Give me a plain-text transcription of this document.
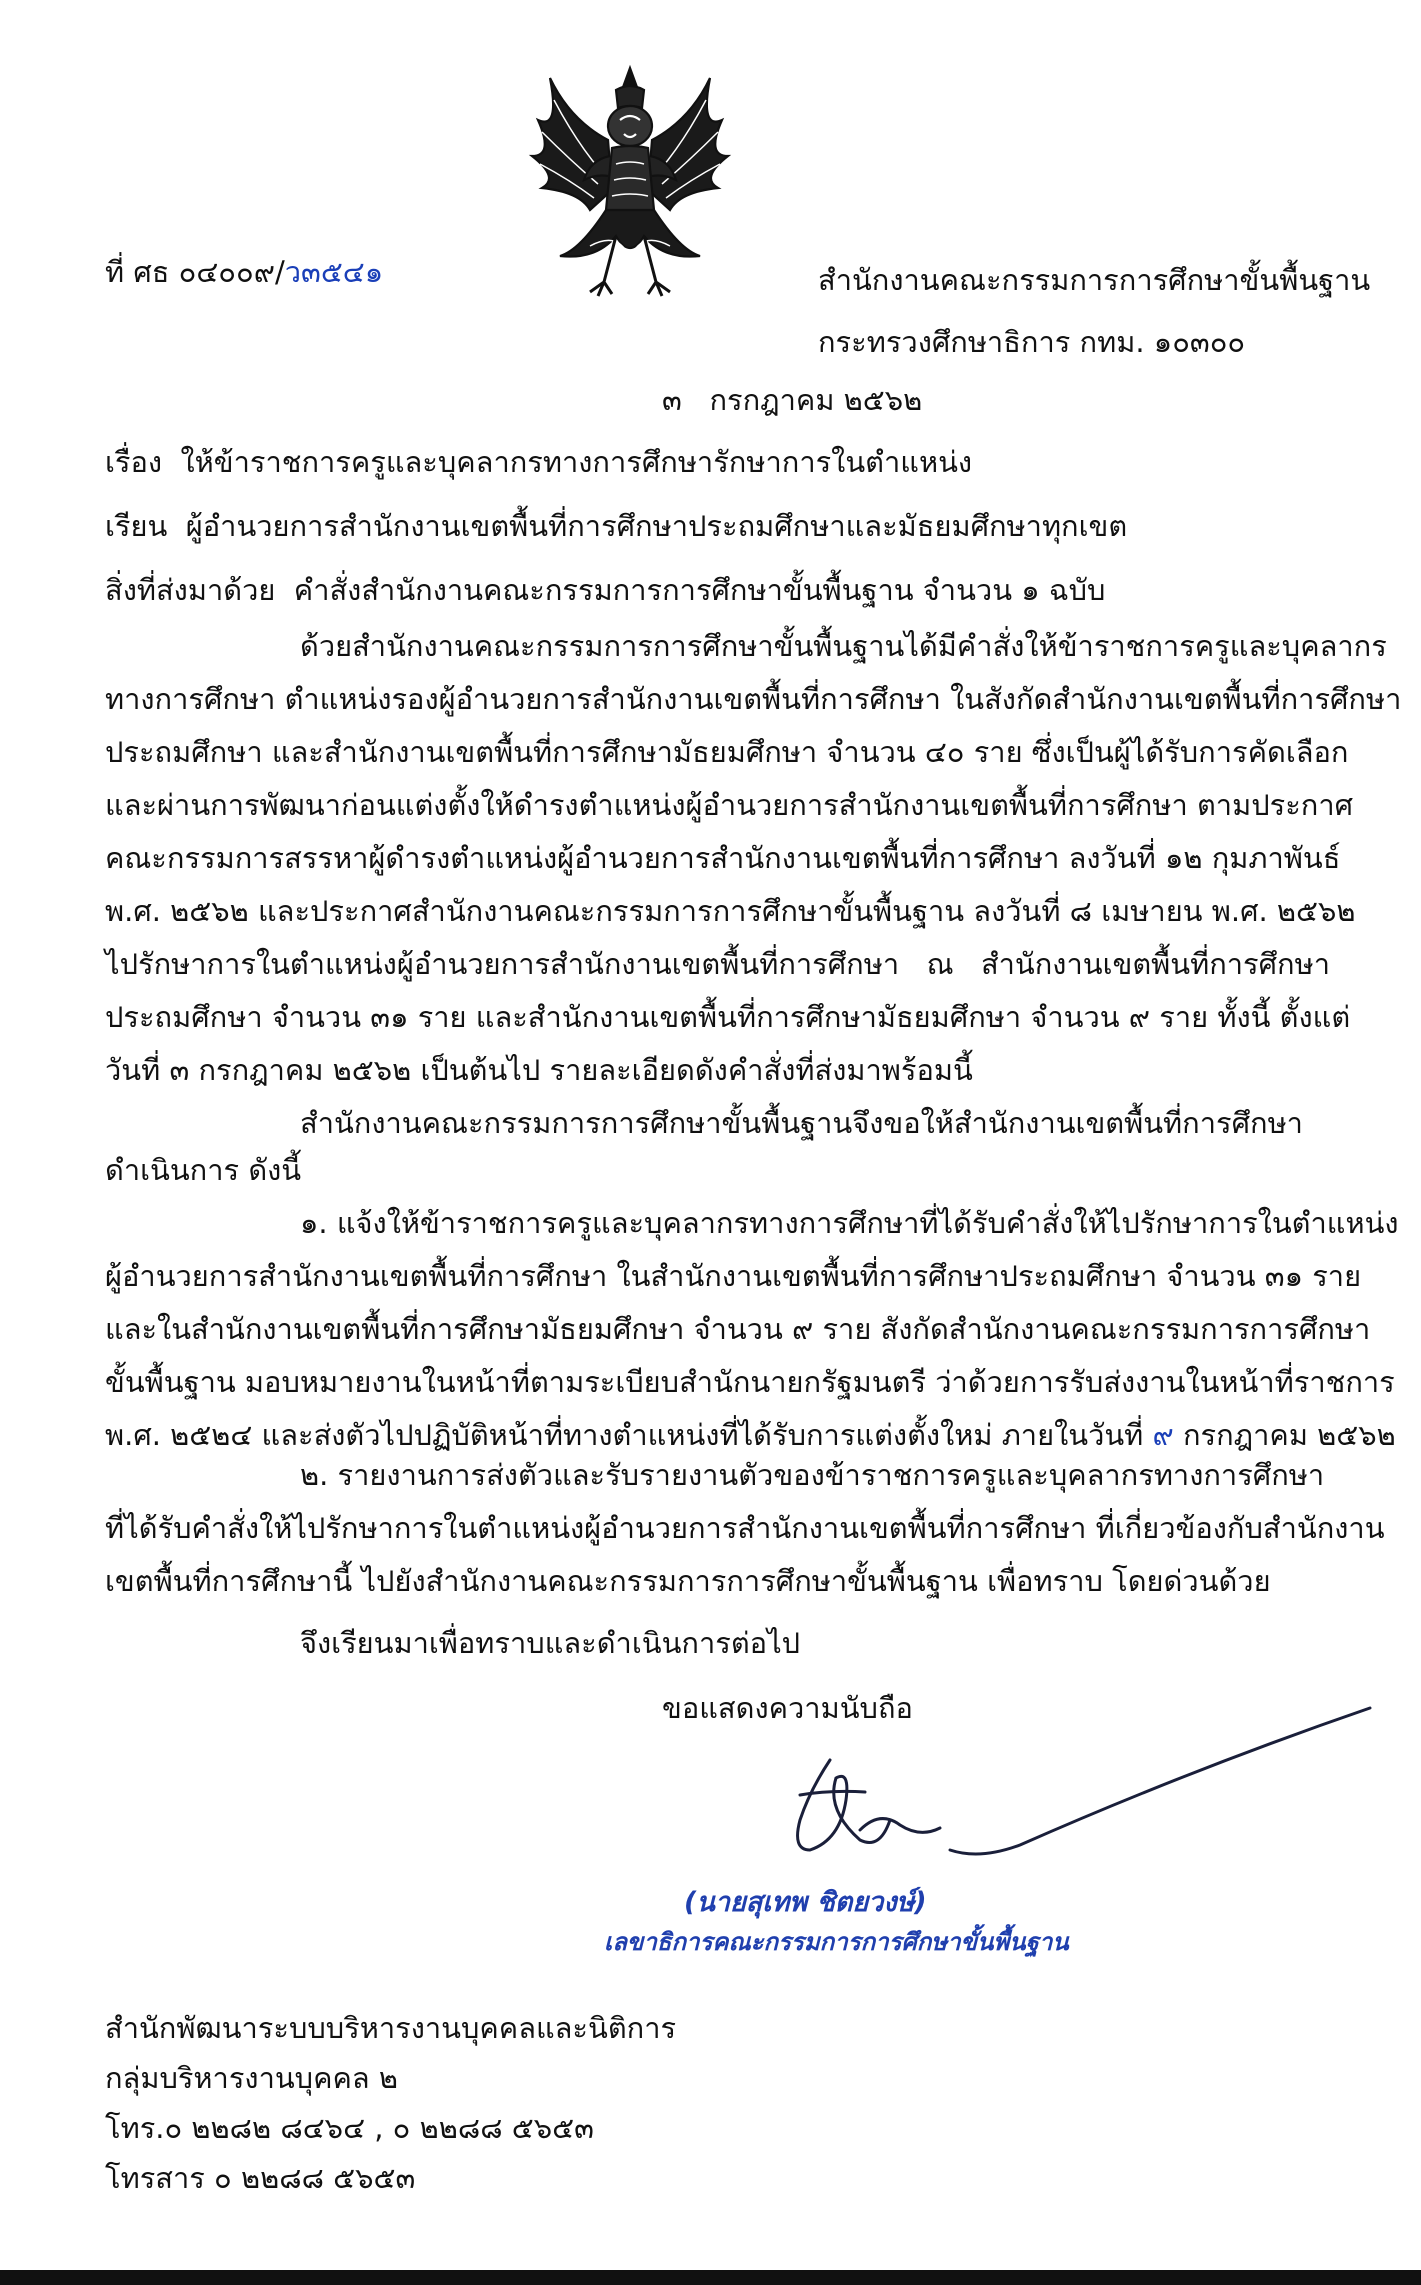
ที่ ศธ ๐๔๐๐๙/ว๓๕๔๑	สำนักงานคณะกรรมการการศึกษาขั้นพื้นฐาน
กระทรวงศึกษาธิการ กทม. ๑๐๓๐๐
๓ กรกฎาคม ๒๕๖๒
เรื่อง ให้ข้าราชการครูและบุคลากรทางการศึกษารักษาการในตำแหน่ง
เรียน ผู้อำนวยการสำนักงานเขตพื้นที่การศึกษาประถมศึกษาและมัธยมศึกษาทุกเขต
สิ่งที่ส่งมาด้วย คำสั่งสำนักงานคณะกรรมการการศึกษาขั้นพื้นฐาน จำนวน ๑ ฉบับ
ด้วยสำนักงานคณะกรรมการการศึกษาขั้นพื้นฐานได้มีคำสั่งให้ข้าราชการครูและบุคลากร
ทางการศึกษา ตำแหน่งรองผู้อำนวยการสำนักงานเขตพื้นที่การศึกษา ในสังกัดสำนักงานเขตพื้นที่การศึกษา
ประถมศึกษา และสำนักงานเขตพื้นที่การศึกษามัธยมศึกษา จำนวน ๔๐ ราย ซึ่งเป็นผู้ได้รับการคัดเลือก
และผ่านการพัฒนาก่อนแต่งตั้งให้ดำรงตำแหน่งผู้อำนวยการสำนักงานเขตพื้นที่การศึกษา ตามประกาศ
คณะกรรมการสรรหาผู้ดำรงตำแหน่งผู้อำนวยการสำนักงานเขตพื้นที่การศึกษา ลงวันที่ ๑๒ กุมภาพันธ์
พ.ศ. ๒๕๖๒ และประกาศสำนักงานคณะกรรมการการศึกษาขั้นพื้นฐาน ลงวันที่ ๘ เมษายน พ.ศ. ๒๕๖๒
ไปรักษาการในตำแหน่งผู้อำนวยการสำนักงานเขตพื้นที่การศึกษา ณ สำนักงานเขตพื้นที่การศึกษา
ประถมศึกษา จำนวน ๓๑ ราย และสำนักงานเขตพื้นที่การศึกษามัธยมศึกษา จำนวน ๙ ราย ทั้งนี้ ตั้งแต่
วันที่ ๓ กรกฎาคม ๒๕๖๒ เป็นต้นไป รายละเอียดดังคำสั่งที่ส่งมาพร้อมนี้
สำนักงานคณะกรรมการการศึกษาขั้นพื้นฐานจึงขอให้สำนักงานเขตพื้นที่การศึกษา
ดำเนินการ ดังนี้
๑. แจ้งให้ข้าราชการครูและบุคลากรทางการศึกษาที่ได้รับคำสั่งให้ไปรักษาการในตำแหน่ง
ผู้อำนวยการสำนักงานเขตพื้นที่การศึกษา ในสำนักงานเขตพื้นที่การศึกษาประถมศึกษา จำนวน ๓๑ ราย
และในสำนักงานเขตพื้นที่การศึกษามัธยมศึกษา จำนวน ๙ ราย สังกัดสำนักงานคณะกรรมการการศึกษา
ขั้นพื้นฐาน มอบหมายงานในหน้าที่ตามระเบียบสำนักนายกรัฐมนตรี ว่าด้วยการรับส่งงานในหน้าที่ราชการ
พ.ศ. ๒๕๒๔ และส่งตัวไปปฏิบัติหน้าที่ทางตำแหน่งที่ได้รับการแต่งตั้งใหม่ ภายในวันที่ ๙ กรกฎาคม ๒๕๖๒
๒. รายงานการส่งตัวและรับรายงานตัวของข้าราชการครูและบุคลากรทางการศึกษา
ที่ได้รับคำสั่งให้ไปรักษาการในตำแหน่งผู้อำนวยการสำนักงานเขตพื้นที่การศึกษา ที่เกี่ยวข้องกับสำนักงาน
เขตพื้นที่การศึกษานี้ ไปยังสำนักงานคณะกรรมการการศึกษาขั้นพื้นฐาน เพื่อทราบ โดยด่วนด้วย
จึงเรียนมาเพื่อทราบและดำเนินการต่อไป
ขอแสดงความนับถือ
(นายสุเทพ ชิตยวงษ์)
เลขาธิการคณะกรรมการการศึกษาขั้นพื้นฐาน
สำนักพัฒนาระบบบริหารงานบุคคลและนิติการ
กลุ่มบริหารงานบุคคล ๒
โทร.๐ ๒๒๘๒ ๘๔๖๔ , ๐ ๒๒๘๘ ๕๖๕๓
โทรสาร ๐ ๒๒๘๘ ๕๖๕๓
